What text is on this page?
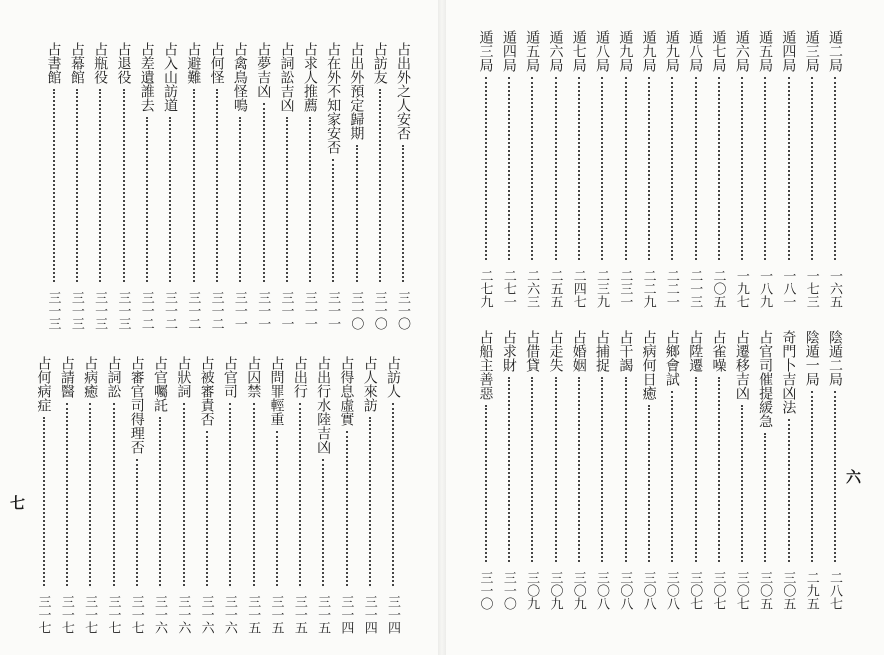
占出外之人安否
三一〇
占訪友
三一〇
占出外預定歸期
三一〇
占在外不知家安否
三一一
占求人推薦
三一一
占詞訟吉凶
三一一
占夢吉凶
三一一
占禽鳥怪鳴
三一一
占何怪
三一二
占避難
三一二
占入山訪道
三一二
占差遺誰去
三一二
占退役
三一三
占瓶役
三一三
占幕館
三一三
占書館
三一三
占訪人
三一四
占人來訪
三一四
占得息虛實
三一四
占出行水陸吉凶
三一五
占出行
三一五
占問罪輕重
三一五
占囚禁
三一五
占官司
三一六
占被審責否
三一六
占狀詞
三一六
占官囑託
三一六
占審官司得理否
三一七
占詞訟
三一七
占病癒
三一七
占請醫
三一七
占何病症
三一七
七
遁二局
一六五
遁三局
一七三
遁四局
一八一
遁五局
一八九
遁六局
一九七
遁七局
二〇五
遁八局
二一三
遁九局
二二一
遁九局
二二九
遁九局
二三一
遁八局
二三九
遁七局
二四七
遁六局
二五五
遁五局
二六三
遁四局
二七一
遁三局
二七九
陰遁二局
二八七
陰遁一局
二九五
奇門卜吉凶法
三〇五
占官司催提緩急
三〇五
占遷移吉凶
三〇七
占雀噪
三〇七
占陞遷
三〇七
占鄉會試
三〇八
占病何日癒
三〇八
占干謁
三〇八
占捕捉
三〇八
占婚姻
三〇九
占走失
三〇九
占借貸
三〇九
占求財
三一〇
占船主善惡
三一〇
六
